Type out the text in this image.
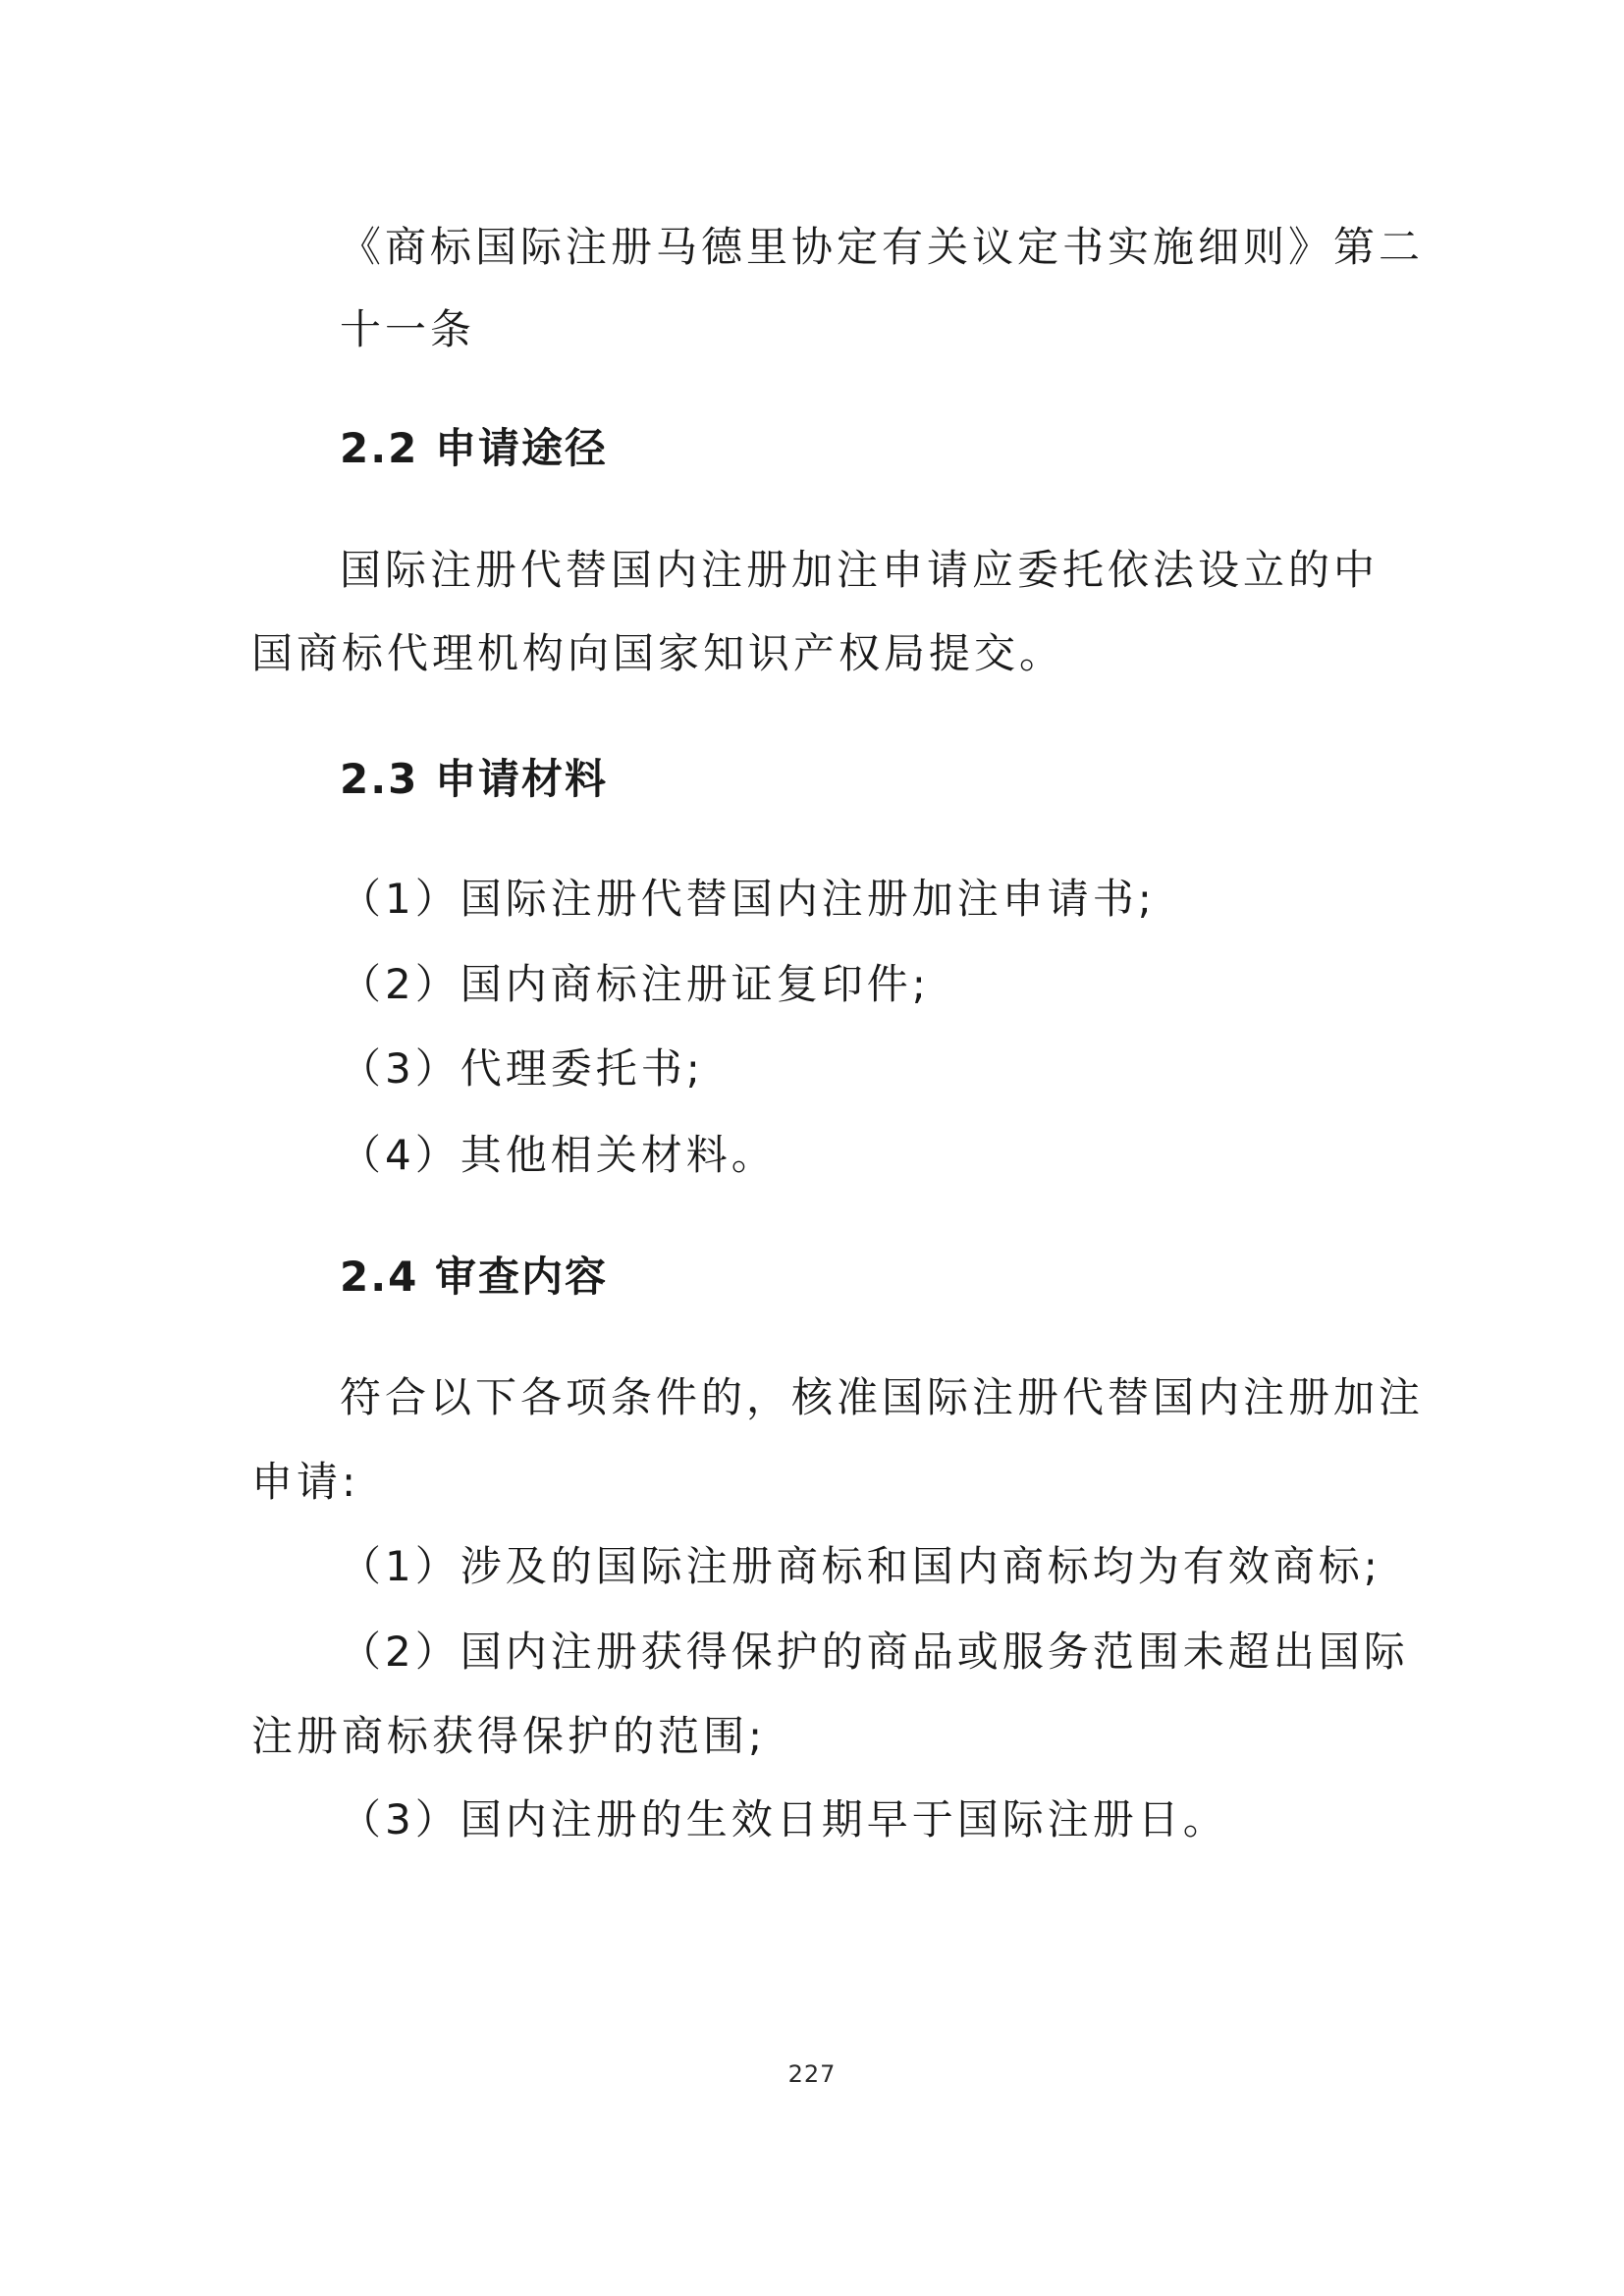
《商标国际注册马德里协定有关议定书实施细则》第二
十一条
2.2 申请途径
国际注册代替国内注册加注申请应委托依法设立的中
国商标代理机构向国家知识产权局提交。
2.3 申请材料
（1）国际注册代替国内注册加注申请书;
（2）国内商标注册证复印件;
（3）代理委托书;
（4）其他相关材料。
2.4 审查内容
符合以下各项条件的，核准国际注册代替国内注册加注
申请:
（1）涉及的国际注册商标和国内商标均为有效商标;
（2）国内注册获得保护的商品或服务范围未超出国际
注册商标获得保护的范围;
（3）国内注册的生效日期早于国际注册日。
227
